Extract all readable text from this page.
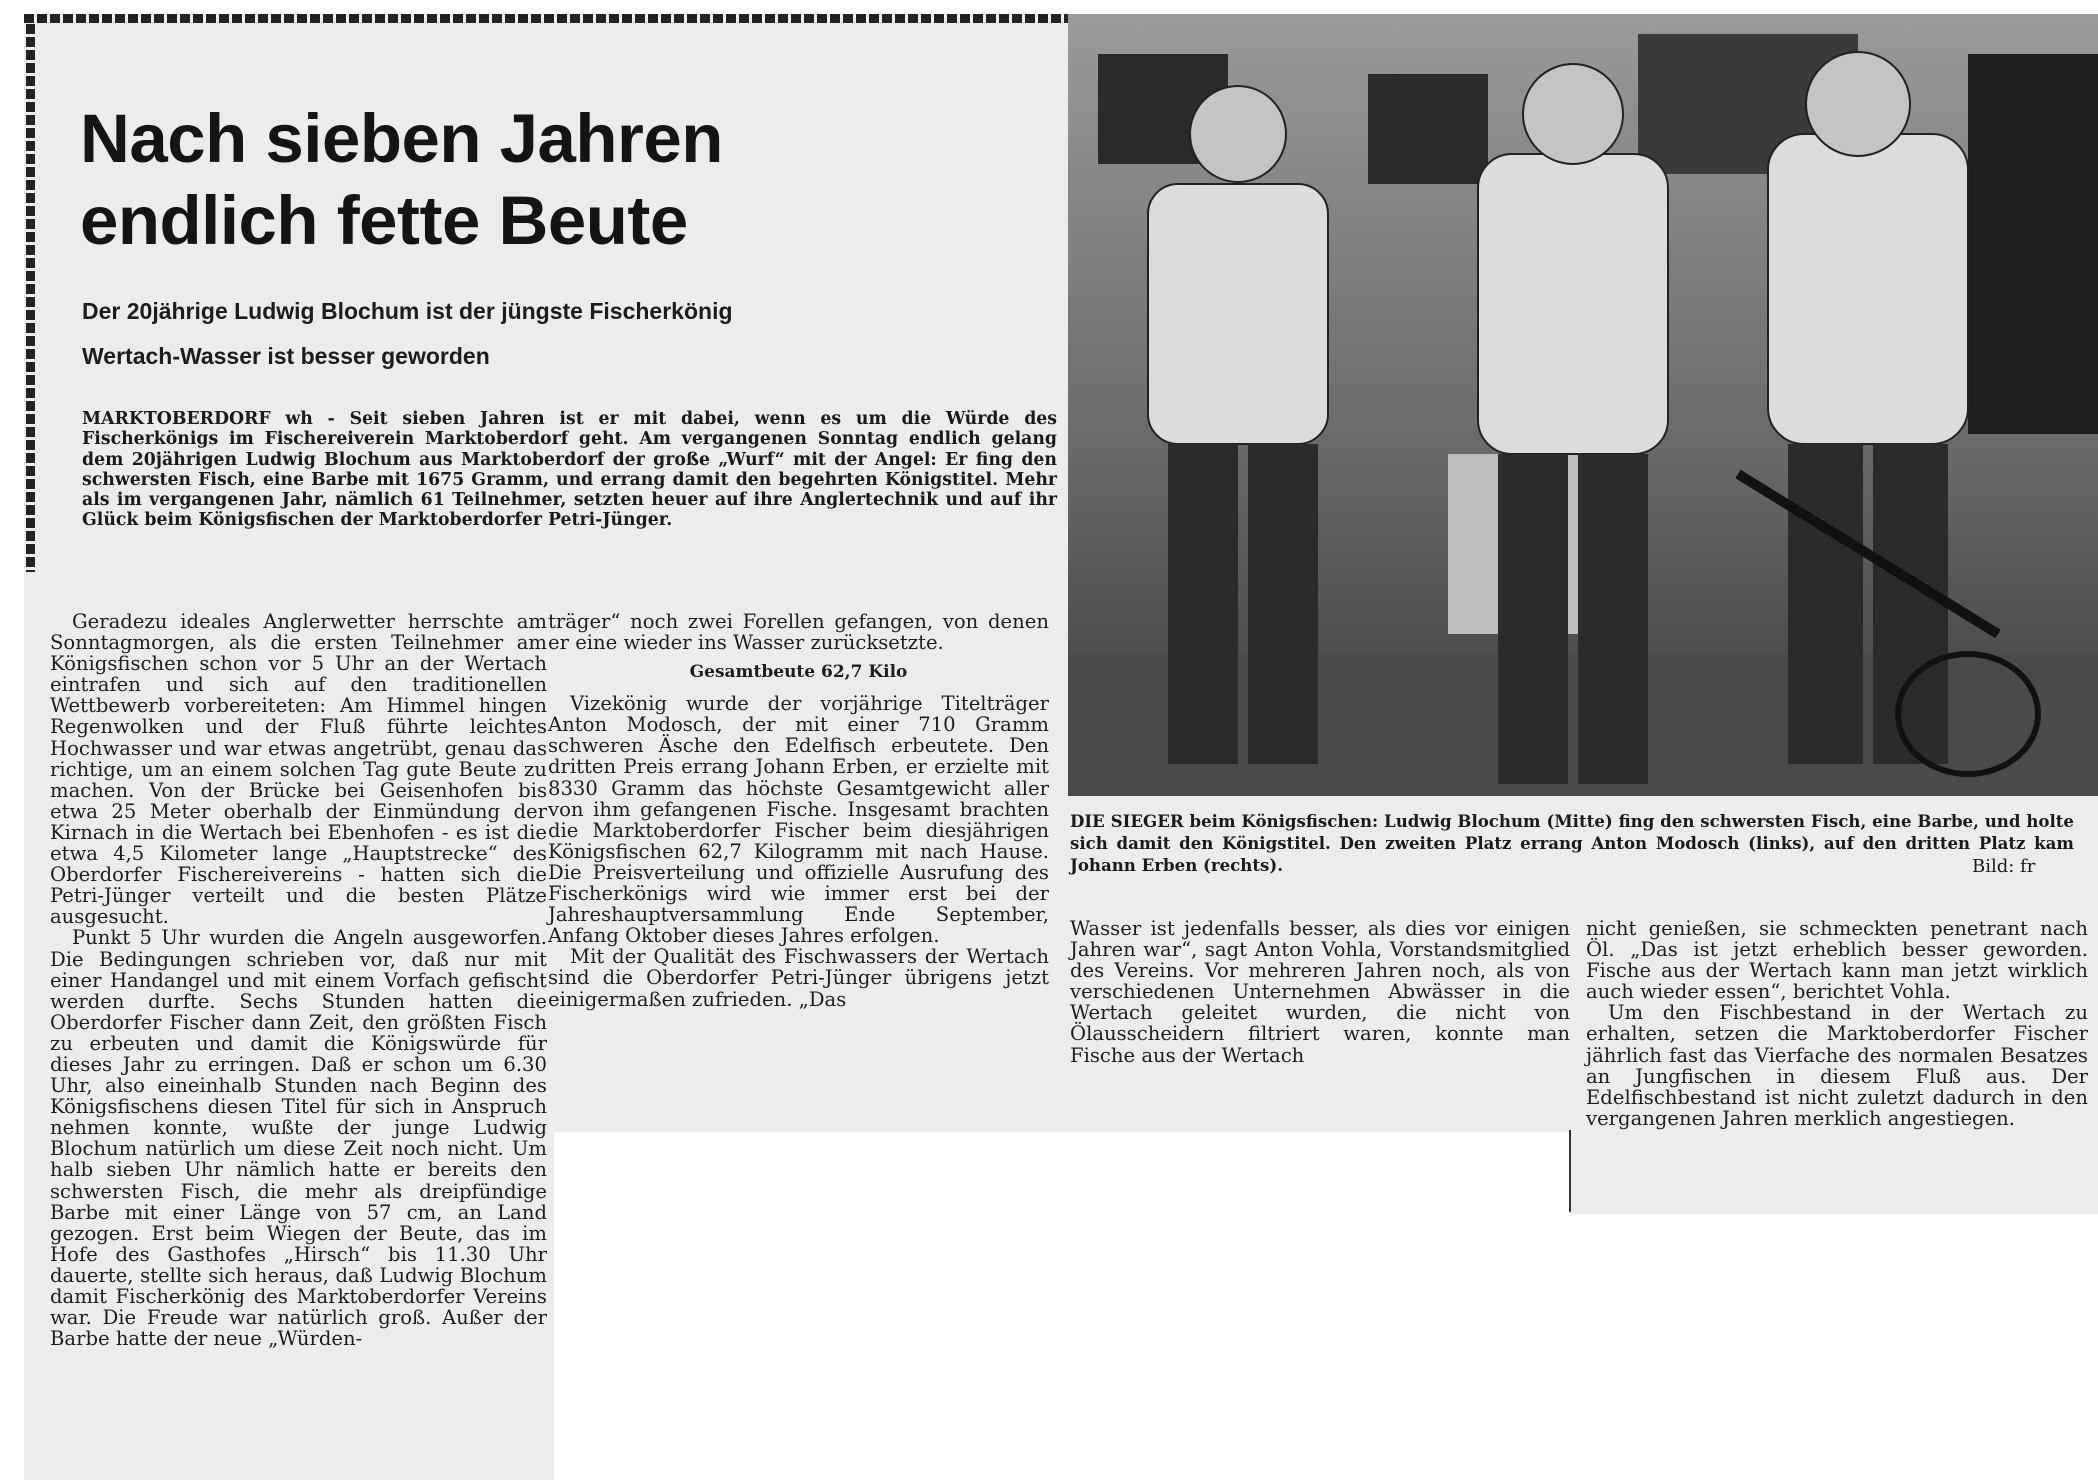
Nach sieben Jahren
endlich fette Beute
Der 20jährige Ludwig Blochum ist der jüngste Fischerkönig
Wertach-Wasser ist besser geworden

MARKTOBERDORF wh - Seit sieben Jahren ist er mit dabei, wenn es um die Würde des Fischerkönigs im Fischereiverein Marktoberdorf geht. Am vergangenen Sonntag endlich gelang dem 20jährigen Ludwig Blochum aus Marktoberdorf der große „Wurf“ mit der Angel: Er fing den schwersten Fisch, eine Barbe mit 1675 Gramm, und errang damit den begehrten Königstitel. Mehr als im vergangenen Jahr, nämlich 61 Teilnehmer, setzten heuer auf ihre Anglertechnik und auf ihr Glück beim Königsfischen der Marktoberdorfer Petri-Jünger.

Geradezu ideales Anglerwetter herrschte am Sonntagmorgen, als die ersten Teilnehmer am Königsfischen schon vor 5 Uhr an der Wertach eintrafen und sich auf den traditionellen Wettbewerb vorbereiteten: Am Himmel hingen Regenwolken und der Fluß führte leichtes Hochwasser und war etwas angetrübt, genau das richtige, um an einem solchen Tag gute Beute zu machen. Von der Brücke bei Geisenhofen bis etwa 25 Meter oberhalb der Einmündung der Kirnach in die Wertach bei Ebenhofen - es ist die etwa 4,5 Kilometer lange „Hauptstrecke“ des Oberdorfer Fischereivereins - hatten sich die Petri-Jünger verteilt und die besten Plätze ausgesucht.

Punkt 5 Uhr wurden die Angeln ausgeworfen. Die Bedingungen schrieben vor, daß nur mit einer Handangel und mit einem Vorfach gefischt werden durfte. Sechs Stunden hatten die Oberdorfer Fischer dann Zeit, den größten Fisch zu erbeuten und damit die Königswürde für dieses Jahr zu erringen. Daß er schon um 6.30 Uhr, also eineinhalb Stunden nach Beginn des Königsfischens diesen Titel für sich in Anspruch nehmen konnte, wußte der junge Ludwig Blochum natürlich um diese Zeit noch nicht. Um halb sieben Uhr nämlich hatte er bereits den schwersten Fisch, die mehr als dreipfündige Barbe mit einer Länge von 57 cm, an Land gezogen. Erst beim Wiegen der Beute, das im Hofe des Gasthofes „Hirsch“ bis 11.30 Uhr dauerte, stellte sich heraus, daß Ludwig Blochum damit Fischerkönig des Marktoberdorfer Vereins war. Die Freude war natürlich groß. Außer der Barbe hatte der neue „Würden-

träger“ noch zwei Forellen gefangen, von denen er eine wieder ins Wasser zurücksetzte.

Gesamtbeute 62,7 Kilo

Vizekönig wurde der vorjährige Titelträger Anton Modosch, der mit einer 710 Gramm schweren Äsche den Edelfisch erbeutete. Den dritten Preis errang Johann Erben, er erzielte mit 8330 Gramm das höchste Gesamtgewicht aller von ihm gefangenen Fische. Insgesamt brachten die Marktoberdorfer Fischer beim diesjährigen Königsfischen 62,7 Kilogramm mit nach Hause. Die Preisverteilung und offizielle Ausrufung des Fischerkönigs wird wie immer erst bei der Jahreshauptversammlung Ende September, Anfang Oktober dieses Jahres erfolgen.

Mit der Qualität des Fischwassers der Wertach sind die Oberdorfer Petri-Jünger übrigens jetzt einigermaßen zufrieden. „Das

DIE SIEGER beim Königsfischen: Ludwig Blochum (Mitte) fing den schwersten Fisch, eine Barbe, und holte sich damit den Königstitel. Den zweiten Platz errang Anton Modosch (links), auf den dritten Platz kam Johann Erben (rechts).	Bild: fr

Wasser ist jedenfalls besser, als dies vor einigen Jahren war“, sagt Anton Vohla, Vorstandsmitglied des Vereins. Vor mehreren Jahren noch, als von verschiedenen Unternehmen Abwässer in die Wertach geleitet wurden, die nicht von Ölausscheidern filtriert waren, konnte man Fische aus der Wertach

nicht genießen, sie schmeckten penetrant nach Öl. „Das ist jetzt erheblich besser geworden. Fische aus der Wertach kann man jetzt wirklich auch wieder essen“, berichtet Vohla.

Um den Fischbestand in der Wertach zu erhalten, setzen die Marktoberdorfer Fischer jährlich fast das Vierfache des normalen Besatzes an Jungfischen in diesem Fluß aus. Der Edelfischbestand ist nicht zuletzt dadurch in den vergangenen Jahren merklich angestiegen.
